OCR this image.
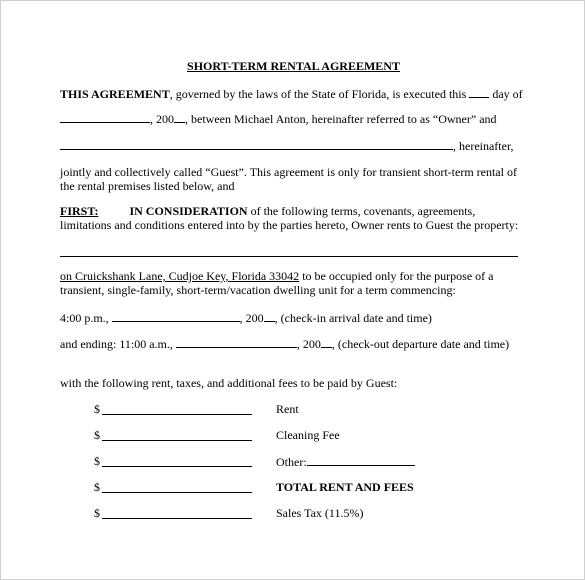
SHORT-TERM RENTAL AGREEMENT
THIS AGREEMENT, governed by the laws of the State of Florida, is executed this  day of
, 200 , between Michael Anton, hereinafter referred to as “Owner” and
, hereinafter,
jointly and collectively called “Guest”. This agreement is only for transient short-term rental of
the rental premises listed below, and
FIRST:	IN CONSIDERATION of the following terms, covenants, agreements,
limitations and conditions entered into by the parties hereto, Owner rents to Guest the property:
on Cruickshank Lane, Cudjoe Key, Florida 33042 to be occupied only for the purpose of a
transient, single-family, short-term/vacation dwelling unit for a term commencing:
4:00 p.m.,	, 200 , (check-in arrival date and time)
and ending: 11:00 a.m.,	, 200 , (check-out departure date and time)
with the following rent, taxes, and additional fees to be paid by Guest:
$	Rent
$	Cleaning Fee
$	Other:
$	TOTAL RENT AND FEES
$	Sales Tax (11.5%)
